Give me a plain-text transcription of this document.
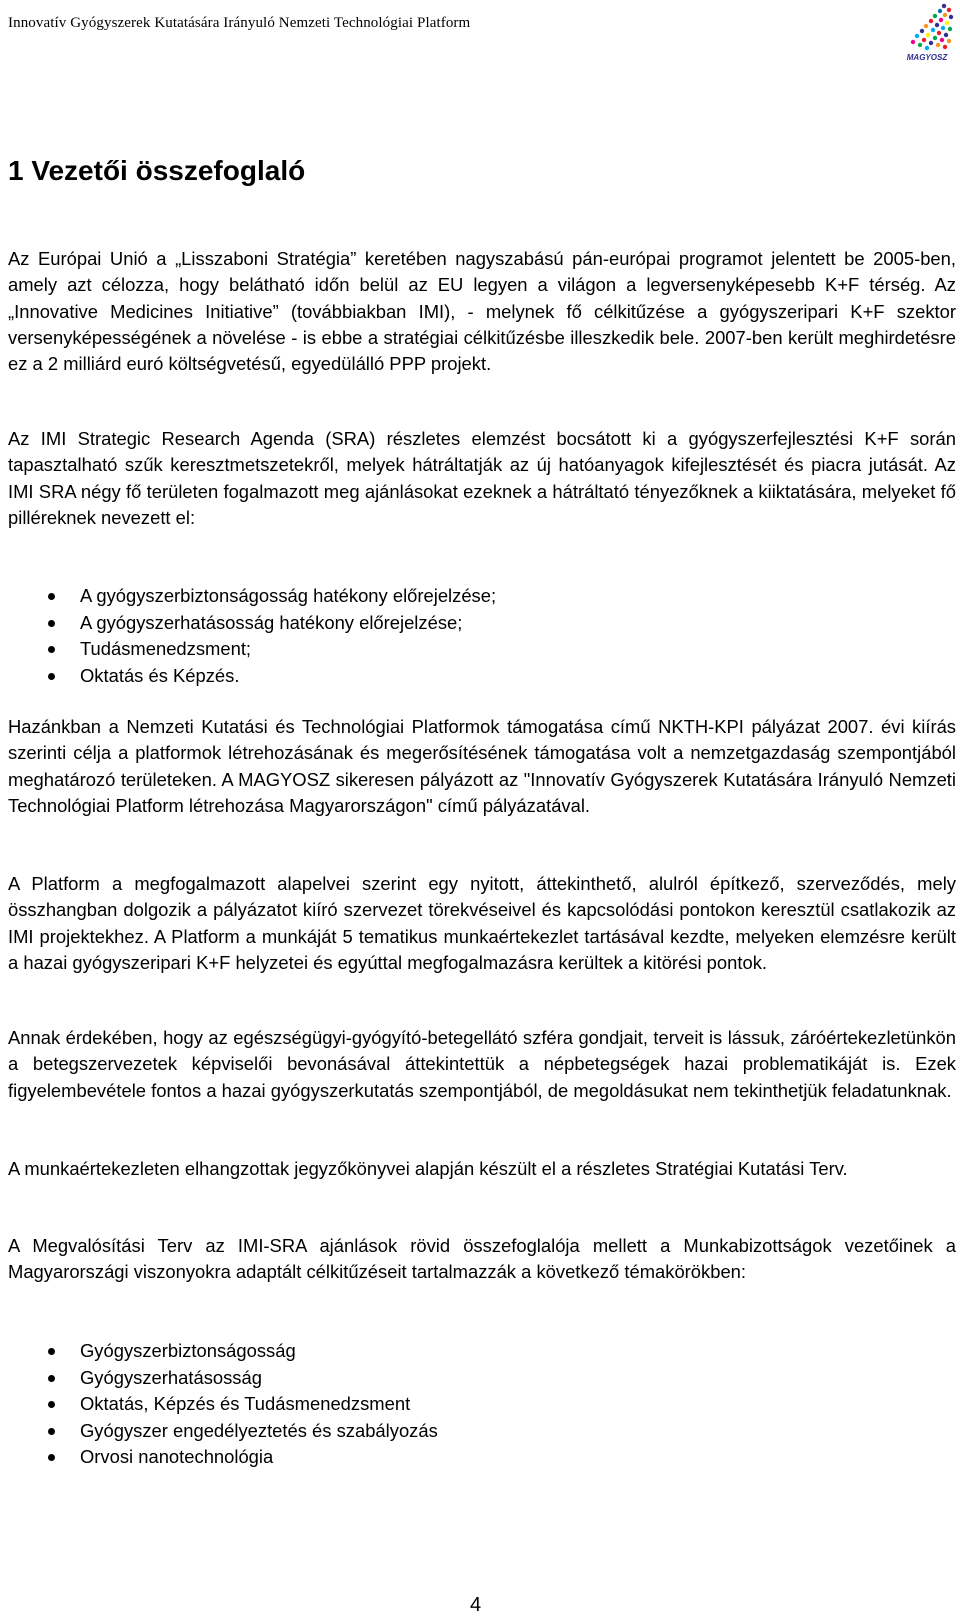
Innovatív Gyógyszerek Kutatására Irányuló Nemzeti Technológiai Platform
MAGYOSZ
1 Vezetői összefoglaló

Az Európai Unió a „Lisszaboni Stratégia” keretében nagyszabású pán-európai programot jelentett be 2005-ben, amely azt célozza, hogy belátható időn belül az EU legyen a világon a legversenyképesebb K+F térség. Az „Innovative Medicines Initiative” (továbbiakban IMI), - melynek fő célkitűzése a gyógyszeripari K+F szektor versenyképességének a növelése - is ebbe a stratégiai célkitűzésbe illeszkedik bele. 2007-ben került meghirdetésre ez a 2 milliárd euró költségvetésű, egyedülálló PPP projekt.

Az IMI Strategic Research Agenda (SRA) részletes elemzést bocsátott ki a gyógyszerfejlesztési K+F során tapasztalható szűk keresztmetszetekről, melyek hátráltatják az új hatóanyagok kifejlesztését és piacra jutását. Az IMI SRA négy fő területen fogalmazott meg ajánlásokat ezeknek a hátráltató tényezőknek a kiiktatására, melyeket fő pilléreknek nevezett el:

A gyógyszerbiztonságosság hatékony előrejelzése;
A gyógyszerhatásosság hatékony előrejelzése;
Tudásmenedzsment;
Oktatás és Képzés.

Hazánkban a Nemzeti Kutatási és Technológiai Platformok támogatása című NKTH-KPI pályázat 2007. évi kiírás szerinti célja a platformok létrehozásának és megerősítésének támogatása volt a nemzetgazdaság szempontjából meghatározó területeken. A MAGYOSZ sikeresen pályázott az "Innovatív Gyógyszerek Kutatására Irányuló Nemzeti Technológiai Platform létrehozása Magyarországon" című pályázatával.

A Platform a megfogalmazott alapelvei szerint egy nyitott, áttekinthető, alulról építkező, szerveződés, mely összhangban dolgozik a pályázatot kiíró szervezet törekvéseivel és kapcsolódási pontokon keresztül csatlakozik az IMI projektekhez. A Platform a munkáját 5 tematikus munkaértekezlet tartásával kezdte, melyeken elemzésre került a hazai gyógyszeripari K+F helyzetei és egyúttal megfogalmazásra kerültek a kitörési pontok.

Annak érdekében, hogy az egészségügyi-gyógyító-betegellátó szféra gondjait, terveit is lássuk, záróértekezletünkön a betegszervezetek képviselői bevonásával áttekintettük a népbetegségek hazai problematikáját is. Ezek figyelembevétele fontos a hazai gyógyszerkutatás szempontjából, de megoldásukat nem tekinthetjük feladatunknak.

A munkaértekezleten elhangzottak jegyzőkönyvei alapján készült el a részletes Stratégiai Kutatási Terv.

A Megvalósítási Terv az IMI-SRA ajánlások rövid összefoglalója mellett a Munkabizottságok vezetőinek a Magyarországi viszonyokra adaptált célkitűzéseit tartalmazzák a következő témakörökben:

Gyógyszerbiztonságosság
Gyógyszerhatásosság
Oktatás, Képzés és Tudásmenedzsment
Gyógyszer engedélyeztetés és szabályozás
Orvosi nanotechnológia
4
